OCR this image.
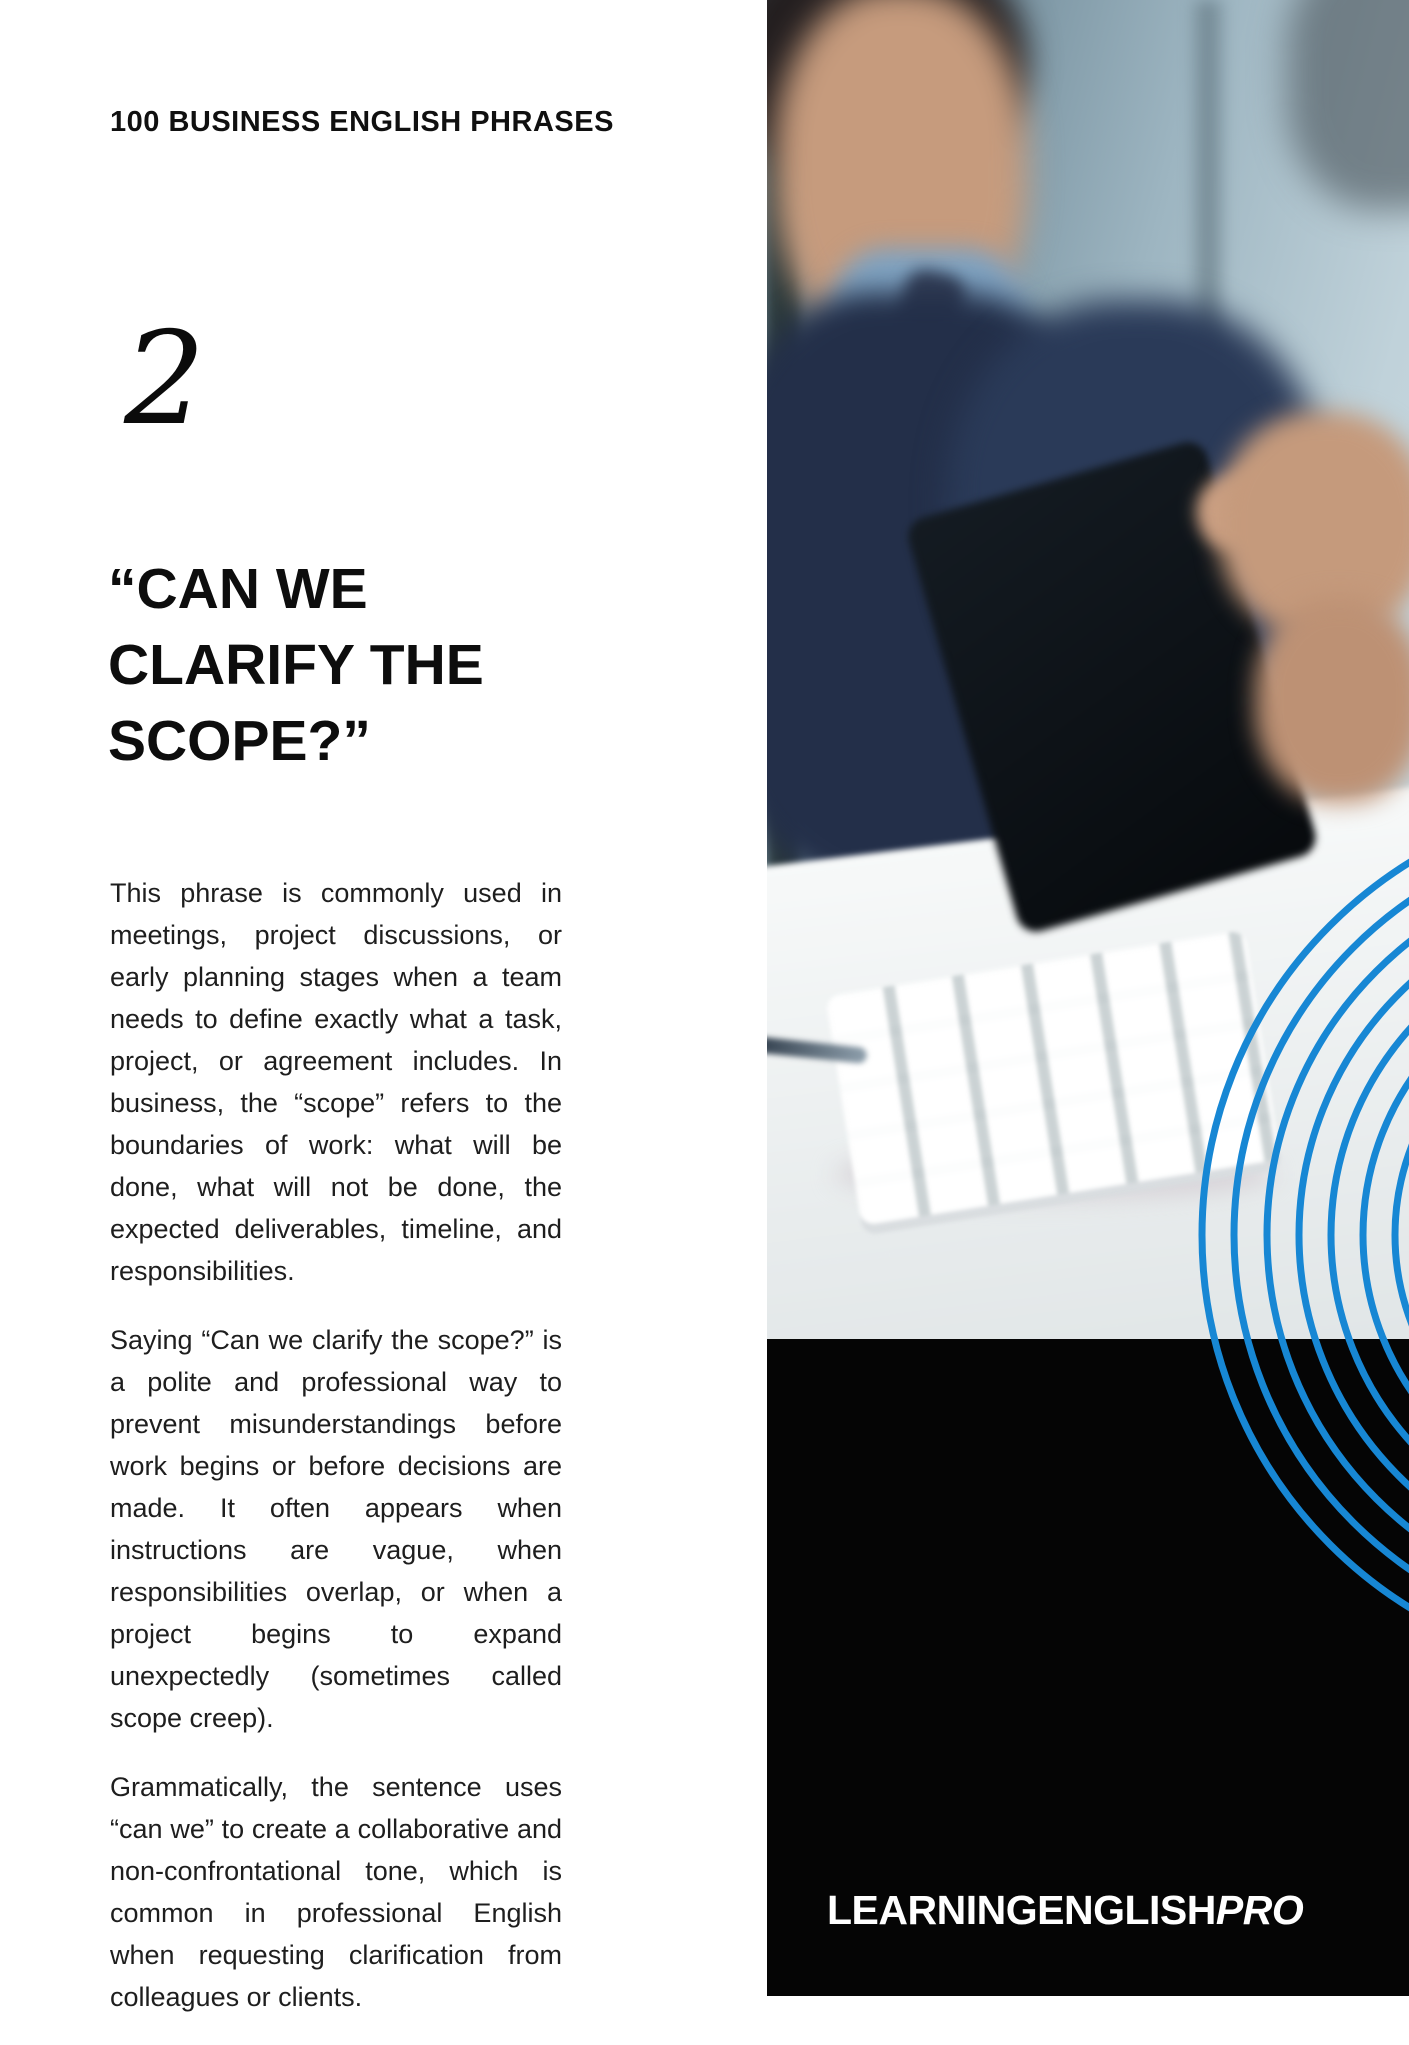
100 BUSINESS ENGLISH PHRASES
2
“CAN WE CLARIFY THE SCOPE?”

This phrase is commonly used in meetings, project discussions, or early planning stages when a team needs to define exactly what a task, project, or agreement includes. In business, the “scope” refers to the boundaries of work: what will be done, what will not be done, the expected deliverables, timeline, and responsibilities.

Saying “Can we clarify the scope?” is a polite and professional way to prevent misunderstandings before work begins or before decisions are made. It often appears when instructions are vague, when responsibilities overlap, or when a project begins to expand unexpectedly (sometimes called scope creep).

Grammatically, the sentence uses “can we” to create a collaborative and non-confrontational tone, which is common in professional English when requesting clarification from colleagues or clients.

LEARNINGENGLISHPRO
